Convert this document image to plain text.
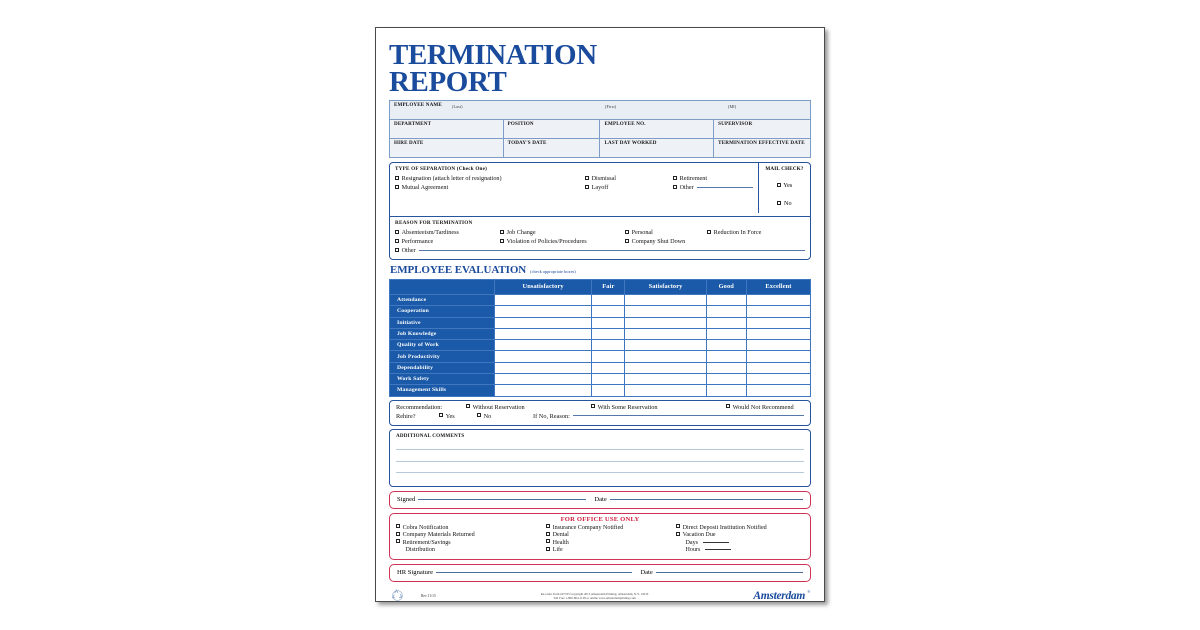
TERMINATION
REPORT
EMPLOYEE NAME (Last) (First) (MI)			

DEPARTMENT	POSITION	EMPLOYEE NO.	SUPERVISOR
HIRE DATE	TODAY'S DATE	LAST DAY WORKED	TERMINATION EFFECTIVE DATE
TYPE OF SEPARATION (Check One)
Resignation (attach letter of resignation)	Dismissal	Retirement
Mutual Agreement	Layoff	Other
MAIL CHECK?
Yes
No
REASON FOR TERMINATION
Absenteeism/Tardiness	Job Change	Personal	Reduction In Force
Performance	Violation of Policies/Procedures	Company Shut Down
Other
EMPLOYEE EVALUATION (check appropriate boxes)
	Unsatisfactory	Fair	Satisfactory	Good	Excellent
Attendance					
Cooperation					
Initiative					
Job Knowledge					
Quality of Work					
Job Productivity					
Dependability					
Work Safety					
Management Skills					
Recommendation:	Without Reservation	With Some Reservation	Would Not Recommend
Rehire?	Yes	No	If No, Reason:
ADDITIONAL COMMENTS
Signed	Date
FOR OFFICE USE ONLY
Cobra Notification
Company Materials Returned
Retirement/Savings
Distribution
Insurance Company Notified
Dental
Health
Life
Direct Deposit Institution Notified
Vacation Due
Days
Hours
HR Signature	Date
Rev 11/15
Re-order Form #27535 Copyright 2015 Amsterdam Printing, Amsterdam, N.Y. 12010
Toll Free 1-800-804-1128 or online www.amsterdamprinting.com	Amsterdam ®
